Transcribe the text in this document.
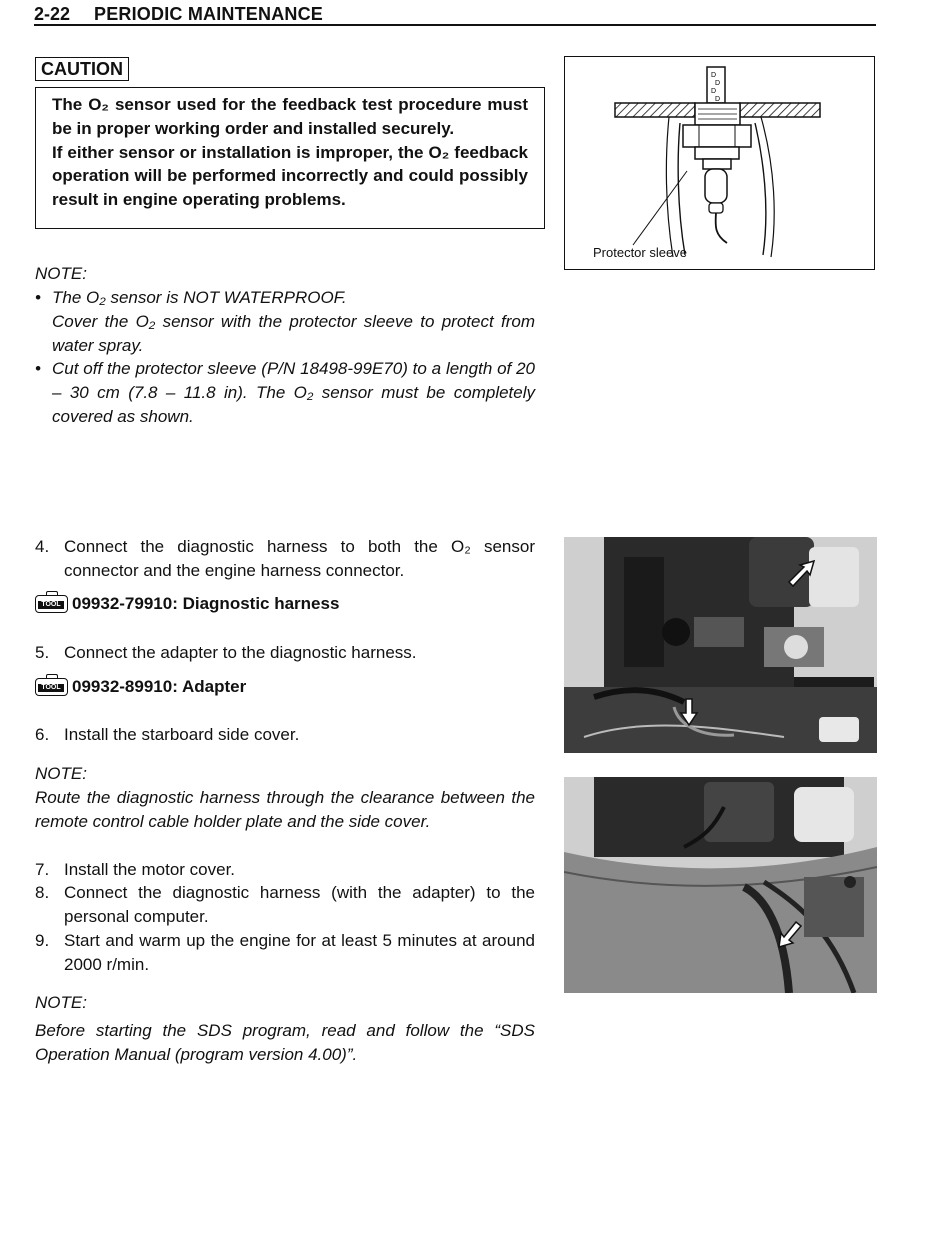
2-22 PERIODIC MAINTENANCE
CAUTION

The O₂ sensor used for the feedback test procedure must be in proper working order and installed securely.

If either sensor or installation is improper, the O₂ feedback operation will be performed incorrectly and could possibly result in engine operating problems.

NOTE:
• The O₂ sensor is NOT WATERPROOF.
Cover the O₂ sensor with the protector sleeve to protect from water spray.
• Cut off the protector sleeve (P/N 18498-99E70) to a length of 20 – 30 cm (7.8 – 11.8 in). The O₂ sensor must be completely covered as shown.
D
D
D
D
Protector sleeve
4. Connect the diagnostic harness to both the O₂ sensor connector and the engine harness connector.
TOOL 09932-79910: Diagnostic harness
5. Connect the adapter to the diagnostic harness.
TOOL 09932-89910: Adapter
6. Install the starboard side cover.
NOTE:
Route the diagnostic harness through the clearance between the remote control cable holder plate and the side cover.
7. Install the motor cover.
8. Connect the diagnostic harness (with the adapter) to the personal computer.
9. Start and warm up the engine for at least 5 minutes at around 2000 r/min.
NOTE:
Before starting the SDS program, read and follow the “SDS Operation Manual (program version 4.00)”.
